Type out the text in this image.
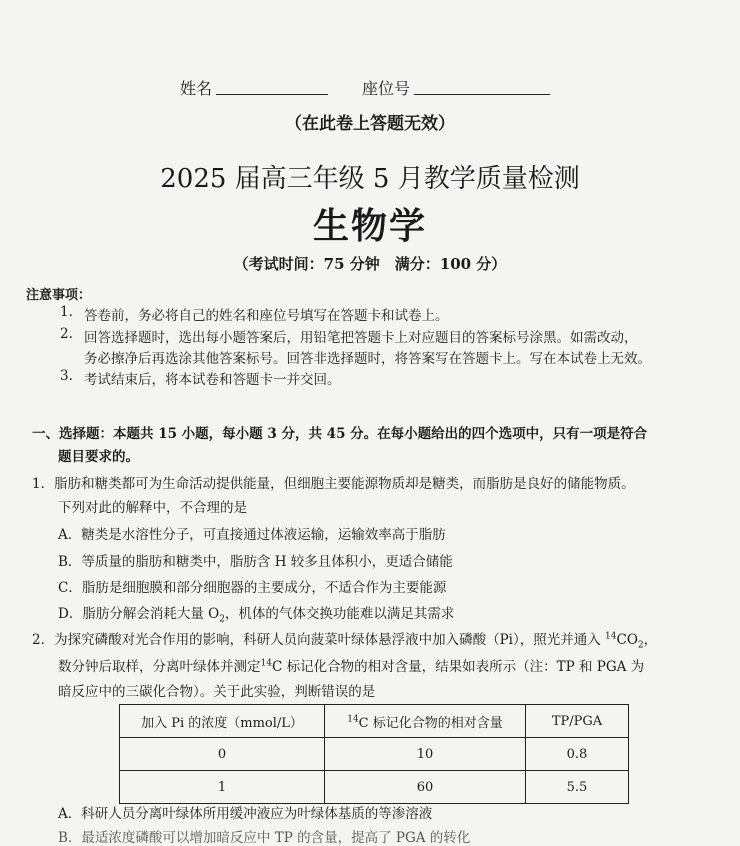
姓名	座位号
（在此卷上答题无效）
2025 届高三年级 5 月教学质量检测
生物学
（考试时间：75 分钟　满分：100 分）
注意事项：
1. 答卷前，务必将自己的姓名和座位号填写在答题卡和试卷上。
2. 回答选择题时，选出每小题答案后，用铅笔把答题卡上对应题目的答案标号涂黑。如需改动，
务必擦净后再选涂其他答案标号。回答非选择题时，将答案写在答题卡上。写在本试卷上无效。
3. 考试结束后，将本试卷和答题卡一并交回。
一、选择题：本题共 15 小题，每小题 3 分，共 45 分。在每小题给出的四个选项中，只有一项是符合
题目要求的。
1．脂肪和糖类都可为生命活动提供能量，但细胞主要能源物质却是糖类，而脂肪是良好的储能物质。
下列对此的解释中，不合理的是
A．糖类是水溶性分子，可直接通过体液运输，运输效率高于脂肪
B．等质量的脂肪和糖类中，脂肪含 H 较多且体积小，更适合储能
C．脂肪是细胞膜和部分细胞器的主要成分，不适合作为主要能源
D．脂肪分解会消耗大量 $O_2$，机体的气体交换功能难以满足其需求
2．为探究磷酸对光合作用的影响，科研人员向菠菜叶绿体悬浮液中加入磷酸（Pi），照光并通入 $^{14}CO_2$，
数分钟后取样，分离叶绿体并测定$^{14}$C 标记化合物的相对含量，结果如表所示（注：TP 和 PGA 为
暗反应中的三碳化合物）。关于此实验，判断错误的是
加入 Pi 的浓度（mmol/L）	$^{14}$C 标记化合物的相对含量	TP/PGA
0	10	0.8
1	60	5.5
A．科研人员分离叶绿体所用缓冲液应为叶绿体基质的等渗溶液
B．最适浓度磷酸可以增加暗反应中 TP 的含量，提高了 PGA 的转化
